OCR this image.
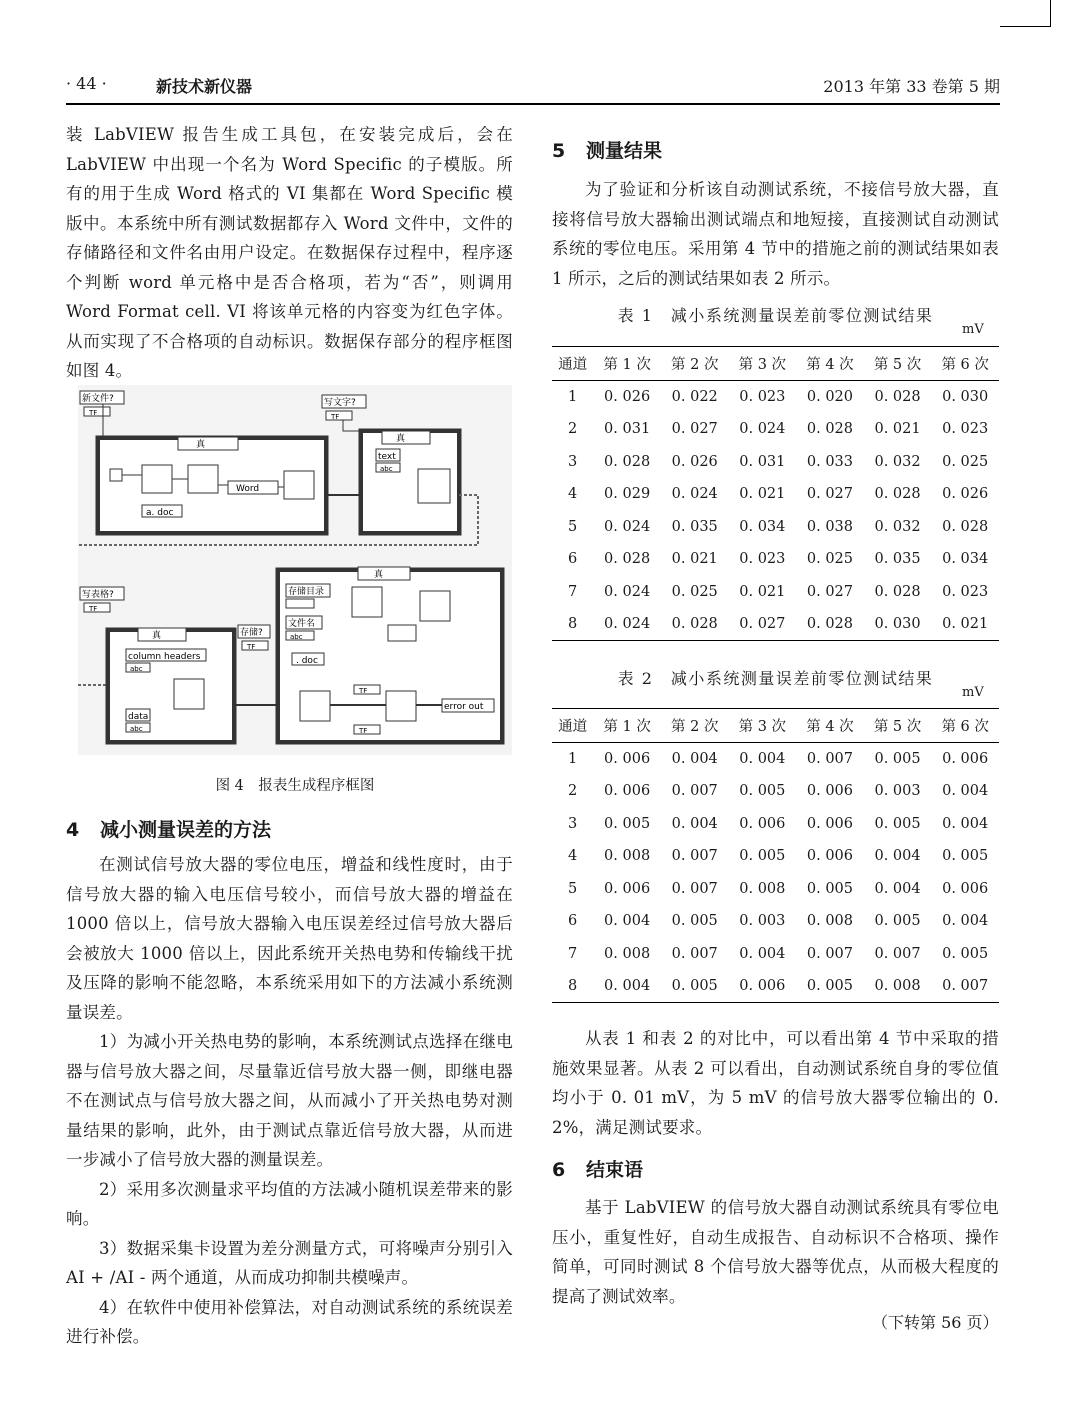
· 44 ·	新技术新仪器	2013 年第 33 卷第 5 期

装 LabVIEW 报告生成工具包，在安装完成后，会在 LabVIEW 中出现一个名为 Word Specific 的子模版。所有的用于生成 Word 格式的 VI 集都在 Word Specific 模版中。本系统中所有测试数据都存入 Word 文件中，文件的存储路径和文件名由用户设定。在数据保存过程中，程序逐个判断 word 单元格中是否合格项，若为“否”，则调用 Word Format cell. VI 将该单元格的内容变为红色字体。从而实现了不合格项的自动标识。数据保存部分的程序框图如图 4。

新文件?
TF
写文字?
TF
真
Word
a. doc
真
text
abc
写表格?
TF
真
column headers
abc
data
abc
存储?
TF
真
存储目录
文件名
abc
. doc
TF
TF
error out
图 4　报表生成程序框图
4 减小测量误差的方法

在测试信号放大器的零位电压，增益和线性度时，由于信号放大器的输入电压信号较小，而信号放大器的增益在 1000 倍以上，信号放大器输入电压误差经过信号放大器后会被放大 1000 倍以上，因此系统开关热电势和传输线干扰及压降的影响不能忽略，本系统采用如下的方法减小系统测量误差。

1）为减小开关热电势的影响，本系统测试点选择在继电器与信号放大器之间，尽量靠近信号放大器一侧，即继电器不在测试点与信号放大器之间，从而减小了开关热电势对测量结果的影响，此外，由于测试点靠近信号放大器，从而进一步减小了信号放大器的测量误差。

2）采用多次测量求平均值的方法减小随机误差带来的影响。

3）数据采集卡设置为差分测量方式，可将噪声分别引入 AI + /AI - 两个通道，从而成功抑制共模噪声。

4）在软件中使用补偿算法，对自动测试系统的系统误差进行补偿。

5 测量结果

为了验证和分析该自动测试系统，不接信号放大器，直接将信号放大器输出测试端点和地短接，直接测试自动测试系统的零位电压。采用第 4 节中的措施之前的测试结果如表 1 所示，之后的测试结果如表 2 所示。

表 1　减小系统测量误差前零位测试结果
mV
通道	第 1 次	第 2 次	第 3 次	第 4 次	第 5 次	第 6 次
1	0. 026	0. 022	0. 023	0. 020	0. 028	0. 030
2	0. 031	0. 027	0. 024	0. 028	0. 021	0. 023
3	0. 028	0. 026	0. 031	0. 033	0. 032	0. 025
4	0. 029	0. 024	0. 021	0. 027	0. 028	0. 026
5	0. 024	0. 035	0. 034	0. 038	0. 032	0. 028
6	0. 028	0. 021	0. 023	0. 025	0. 035	0. 034
7	0. 024	0. 025	0. 021	0. 027	0. 028	0. 023
8	0. 024	0. 028	0. 027	0. 028	0. 030	0. 021
表 2　减小系统测量误差前零位测试结果
mV
通道	第 1 次	第 2 次	第 3 次	第 4 次	第 5 次	第 6 次
1	0. 006	0. 004	0. 004	0. 007	0. 005	0. 006
2	0. 006	0. 007	0. 005	0. 006	0. 003	0. 004
3	0. 005	0. 004	0. 006	0. 006	0. 005	0. 004
4	0. 008	0. 007	0. 005	0. 006	0. 004	0. 005
5	0. 006	0. 007	0. 008	0. 005	0. 004	0. 006
6	0. 004	0. 005	0. 003	0. 008	0. 005	0. 004
7	0. 008	0. 007	0. 004	0. 007	0. 007	0. 005
8	0. 004	0. 005	0. 006	0. 005	0. 008	0. 007

从表 1 和表 2 的对比中，可以看出第 4 节中采取的措施效果显著。从表 2 可以看出，自动测试系统自身的零位值均小于 0. 01 mV，为 5 mV 的信号放大器零位输出的 0. 2%，满足测试要求。

6 结束语

基于 LabVIEW 的信号放大器自动测试系统具有零位电压小，重复性好，自动生成报告、自动标识不合格项、操作简单，可同时测试 8 个信号放大器等优点，从而极大程度的提高了测试效率。

（下转第 56 页）
